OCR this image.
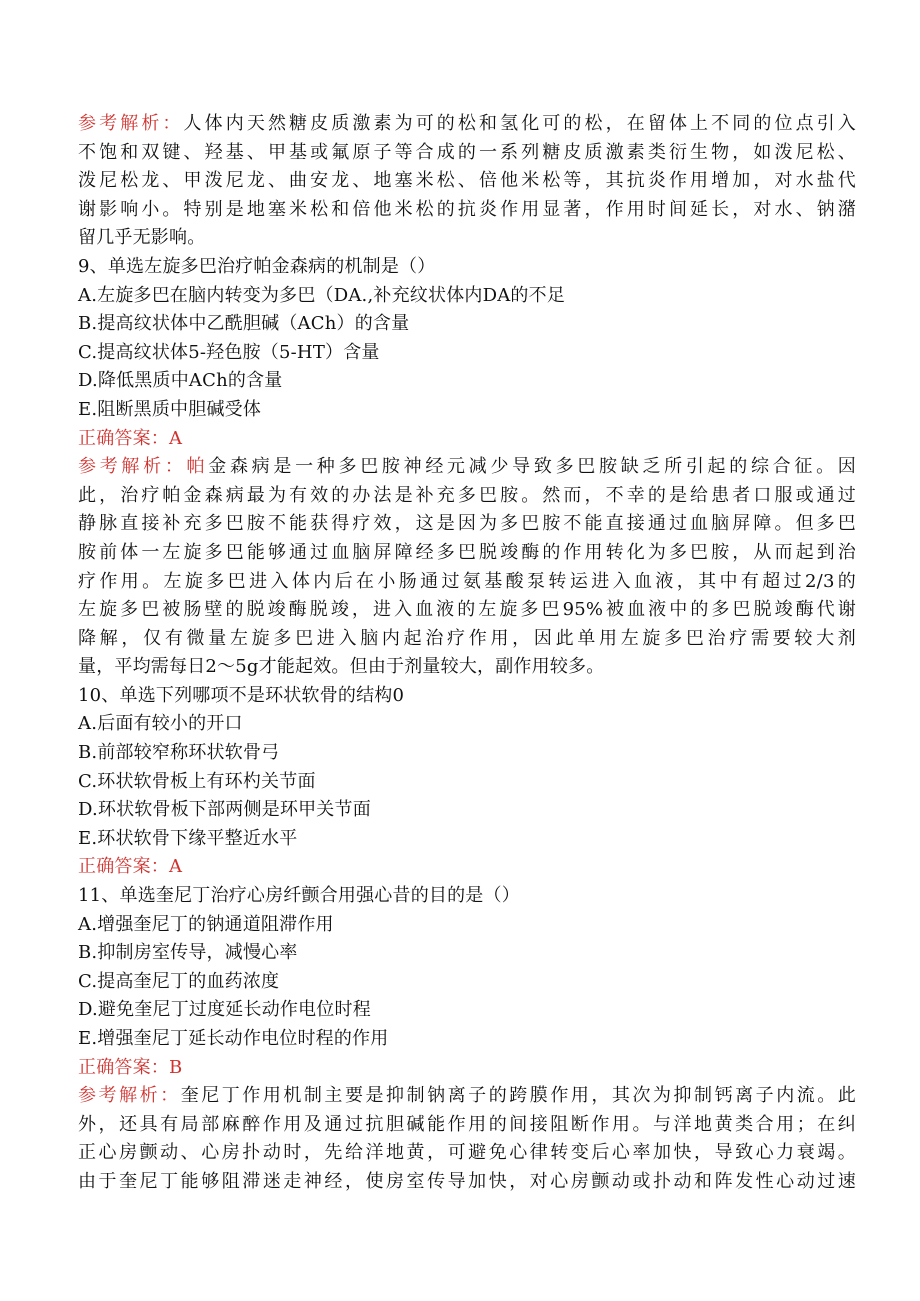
参考解析：人体内天然糖皮质激素为可的松和氢化可的松，在留体上不同的位点引入
不饱和双键、羟基、甲基或氟原子等合成的一系列糖皮质激素类衍生物，如泼尼松、
泼尼松龙、甲泼尼龙、曲安龙、地塞米松、倍他米松等，其抗炎作用增加，对水盐代
谢影响小。特别是地塞米松和倍他米松的抗炎作用显著，作用时间延长，对水、钠潴
留几乎无影响。
9、单选左旋多巴治疗帕金森病的机制是（）
A.左旋多巴在脑内转变为多巴（DA.,补充纹状体内DA的不足
B.提高纹状体中乙酰胆碱（ACh）的含量
C.提高纹状体5-羟色胺（5-HT）含量
D.降低黑质中ACh的含量
E.阻断黑质中胆碱受体
正确答案：A
参考解析：帕金森病是一种多巴胺神经元减少导致多巴胺缺乏所引起的综合征。因
此，治疗帕金森病最为有效的办法是补充多巴胺。然而，不幸的是给患者口服或通过
静脉直接补充多巴胺不能获得疗效，这是因为多巴胺不能直接通过血脑屏障。但多巴
胺前体一左旋多巴能够通过血脑屏障经多巴脱竣酶的作用转化为多巴胺，从而起到治
疗作用。左旋多巴进入体内后在小肠通过氨基酸泵转运进入血液，其中有超过2/3的
左旋多巴被肠壁的脱竣酶脱竣，进入血液的左旋多巴95%被血液中的多巴脱竣酶代谢
降解，仅有微量左旋多巴进入脑内起治疗作用，因此单用左旋多巴治疗需要较大剂
量，平均需每日2～5g才能起效。但由于剂量较大，副作用较多。
10、单选下列哪项不是环状软骨的结构0
A.后面有较小的开口
B.前部较窄称环状软骨弓
C.环状软骨板上有环杓关节面
D.环状软骨板下部两侧是环甲关节面
E.环状软骨下缘平整近水平
正确答案：A
11、单选奎尼丁治疗心房纤颤合用强心昔的目的是（）
A.增强奎尼丁的钠通道阻滞作用
B.抑制房室传导，减慢心率
C.提高奎尼丁的血药浓度
D.避免奎尼丁过度延长动作电位时程
E.增强奎尼丁延长动作电位时程的作用
正确答案：B
参考解析：奎尼丁作用机制主要是抑制钠离子的跨膜作用，其次为抑制钙离子内流。此
外，还具有局部麻醉作用及通过抗胆碱能作用的间接阻断作用。与洋地黄类合用；在纠
正心房颤动、心房扑动时，先给洋地黄，可避免心律转变后心率加快，导致心力衰竭。
由于奎尼丁能够阻滞迷走神经，使房室传导加快，对心房颤动或扑动和阵发性心动过速
